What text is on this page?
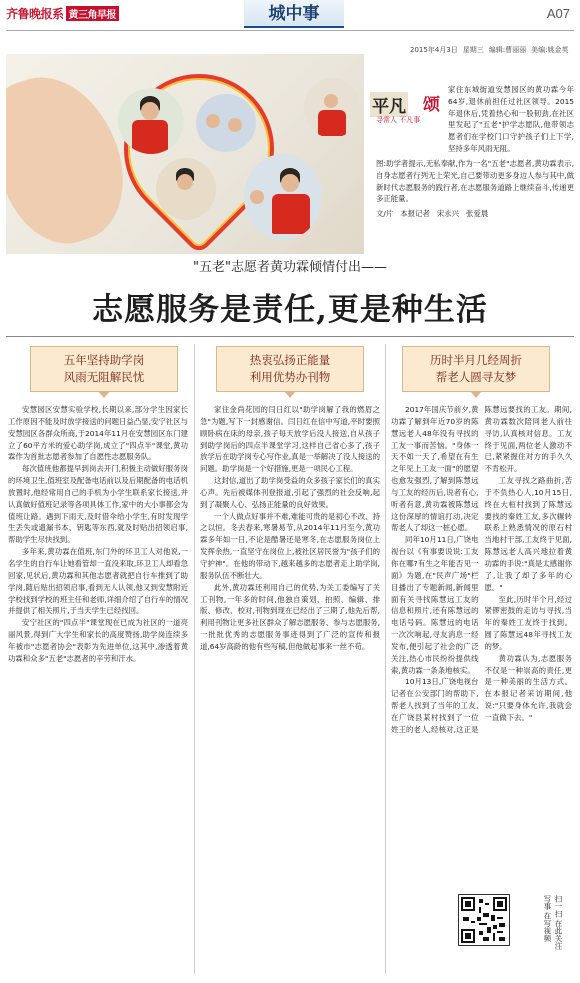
齐鲁晚报系 黄三角早报	城中事	A07
2015年4月3日 星期三 编辑:曹丽丽 美编:姚金英
平凡 颂
寻常人 不凡事
家住东城街道安慧园区的黄功霖今年64岁,退休前担任过社区领导。2015年退休后,凭着热心和一股韧劲,在社区里发起了"五老"护学志愿队,他带领志愿者们在学校门口守护孩子们上下学,坚持多年风雨无阻。
图:助学者提示,无私奉献,作为一名"五老"志愿者,黄功霖表示,自身志愿者行列无上荣光,自己要带动更多身边人参与其中,做新时代志愿服务的践行者,在志愿服务道路上继续奋斗,传递更多正能量。
文/片 本报记者 宋永兴 张爱晨
"五老"志愿者黄功霖倾情付出——
志愿服务是责任,更是种生活
五年坚持助学岗
风雨无阻解民忧
热衷弘扬正能量
利用优势办刊物
历时半月几经周折
帮老人圆寻友梦

安慧园区安慧实验学校,长期以来,部分学生因家长工作原因不能及时放学接送的问题日益凸显,安宁社区与安慧园区各群众所商,于2014年11月在安慧园区东门建立了60平方米的爱心助学岗,成立了"四点半"课堂,黄功霖作为首批志愿者参加了自愿性志愿服务队。

每次值班他都提早到岗去开门,积极主动做好服务岗的环境卫生,值班室及配备电话前以及后期配备的电话机放置时,他经常用自己的手机为小学生联系家长接送,并认真做好值班记录等各项具体工作,家中的大小事都会为值班让路。遇到下雨天,及时借伞给小学生,有时发现学生丢失或遗漏书本、钥匙等东西,就及时贴出招领启事,帮助学生尽快找到。

多年来,黄功霖在值班,东门外的环卫工人对他说,一名学生的自行车让她看管却一直没来取,环卫工人却看急回家,见状后,黄功霖和其他志愿者就把自行车推到了助学岗,随后贴出招领启事,看到无人认领,他又到安慧附近学校找到学校的班主任和老师,详细介绍了自行车的情况并提供了相关照片,于当天学生已经找回。

安宁社区的"四点半"课堂现在已成为社区的一道亮丽风景,得到广大学生和家长的高度赞扬,助学岗连续多年被市"志愿者协会"表彰为先进单位,这其中,渗透着黄功霖和众多"五老"志愿者的辛劳和汗水。

家住金尚花园的闫日红以"助学岗解了我的燃眉之急"为题,写下一封感谢信。闫日红在信中写道,平时要照顾卧病在床的母亲,孩子每天放学后没人接送,自从孩子到助学岗后的四点半课堂学习,这样自己省心多了,孩子放学后在助学岗专心写作业,真是一举解决了没人接送的问题。助学岗是一个好措施,更是一项民心工程。

这封信,道出了助学岗受益的众多孩子家长们的真实心声。先后被媒体刊登报道,引起了强烈的社会反响,起到了凝聚人心、弘扬正能量的良好效果。

一个人做点好事并不难,难能可贵的是初心不改、持之以恒。冬去春来,寒暑易节,从2014年11月至今,黄功霖多年如一日,不论是酷暑还是寒冬,在志愿服务岗位上发挥余热,一直坚守在岗位上,被社区居民誉为"孩子们的守护神"。在他的带动下,越来越多的志愿者走上助学岗,服务队伍不断壮大。

此外,黄功霖还利用自己的优势,为关工委编写了关工刊物,一年多的时间,他独自策划、拍照、编辑、排版、修改、校对,刊物到现在已经出了三期了,他先后帮,利用刊物让更多社区群众了解志愿服务、参与志愿服务,一批批优秀的志愿服务事迹得到了广泛的宣传和报道,64岁高龄的他有些写稿,但他做起事来一丝不苟。

2017年国庆节前夕,黄功霖了解到年近70岁的陈慧远老人48年没有寻找的工友一事而苦恼。"身体一天不如一天了,希望在有生之年见上工友一面"的愿望也愈发强烈,了解到陈慧远与工友的经历后,说者有心,听者有意,黄功霖被陈慧远这份深厚的情谊打动,决定帮老人了却这一桩心愿。

同年10月11日,广饶电视台以《有事要说说:工友你在哪?有生之年能否见一面》为题,在"民声广场"栏目播出了专题新闻,新闻里面有关寻找陈慧远工友的信息和照片,还有陈慧远的电话号码。陈慧远的电话一次次响起,寻友消息一经发布,便引起了社会的广泛关注,热心市民纷纷提供线索,黄功霖一条条地核实。

10月13日,广饶电视台记者在公安部门的帮助下,帮老人找到了当年的工友,在广饶县某村找到了一位姓王的老人,经核对,这正是陈慧远要找的工友。期间,黄功霖数次陪同老人前往寻访,认真核对信息。工友终于见面,两位老人激动不已,紧紧握住对方的手久久不肯松开。

工友寻找之路曲折,苦于不负热心人,10月15日,终在大桓村找到了陈慧远要找的秦姓工友,多次辗转联系上熟悉情况的原石村当地村干部,工友终于见面,陈慧远老人高兴地拉着黄功霖的手说:"真是太感谢你了,让我了却了多年的心愿。"

至此,历时半个月,经过紧锣密鼓的走访与寻找,当年的秦姓工友终于找到。圆了陈慧远48年寻找工友的梦。

黄功霖认为,志愿服务不仅是一种崇高的责任,更是一种美丽的生活方式。在本报记者采访期间,他说:"只要身体允许,我就会一直做下去。"

扫一扫 在此关注 写事 在写视频
